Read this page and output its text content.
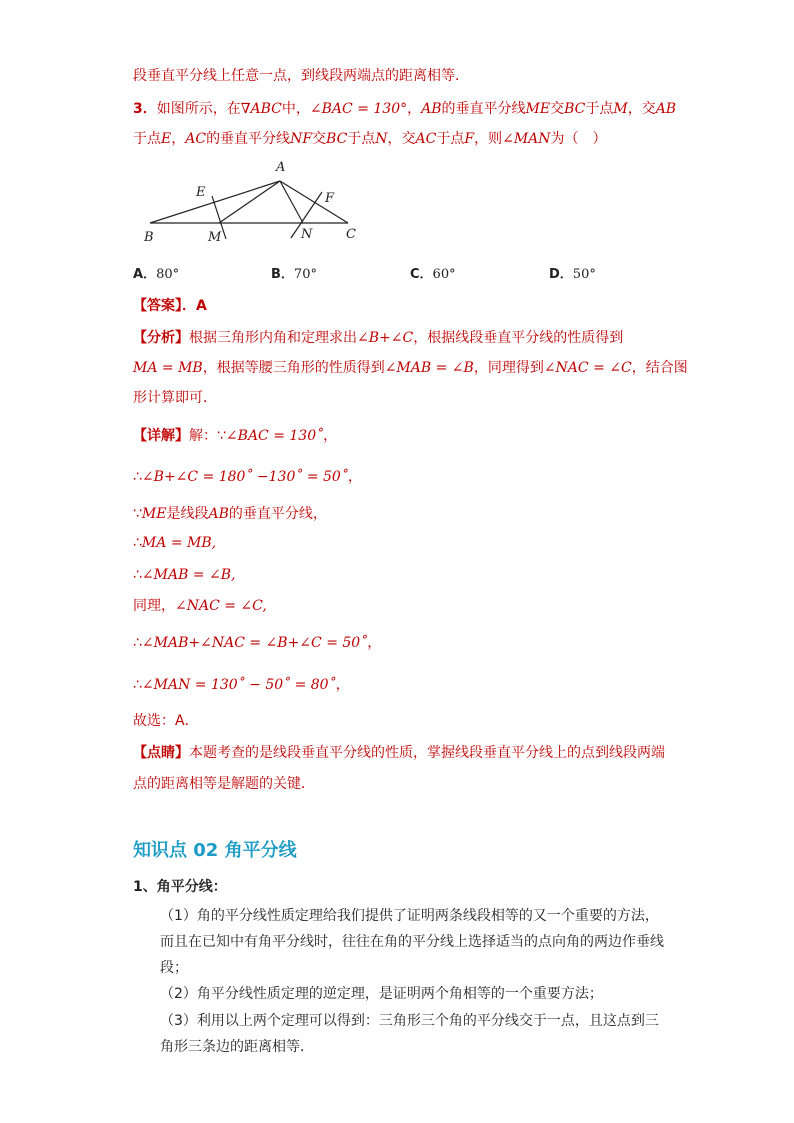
段垂直平分线上任意一点，到线段两端点的距离相等．
3．如图所示，在∇ABC中，∠BAC = 130°，AB的垂直平分线ME交BC于点M，交AB
于点E，AC的垂直平分线NF交BC于点N，交AC于点F，则∠MAN为（　）
A
E	F
B	M	N	C
A．80°	B．70°	C．60°	D．50°
【答案】．A
【分析】根据三角形内角和定理求出∠B+∠C，根据线段垂直平分线的性质得到
MA = MB，根据等腰三角形的性质得到∠MAB = ∠B，同理得到∠NAC = ∠C，结合图
形计算即可．
【详解】解：∵∠BAC = 130˚，
∴∠B+∠C = 180˚ −130˚ = 50˚，
∵ME是线段AB的垂直平分线，
∴MA = MB,
∴∠MAB = ∠B,
同理，∠NAC = ∠C,
∴∠MAB+∠NAC = ∠B+∠C = 50˚，
∴∠MAN = 130˚ − 50˚ = 80˚，
故选：A．
【点睛】本题考查的是线段垂直平分线的性质，掌握线段垂直平分线上的点到线段两端
点的距离相等是解题的关键．
知识点 02 角平分线
1、角平分线：
（1）角的平分线性质定理给我们提供了证明两条线段相等的又一个重要的方法，
而且在已知中有角平分线时，往往在角的平分线上选择适当的点向角的两边作垂线
段；
（2）角平分线性质定理的逆定理，是证明两个角相等的一个重要方法；
（3）利用以上两个定理可以得到：三角形三个角的平分线交于一点，且这点到三
角形三条边的距离相等．
